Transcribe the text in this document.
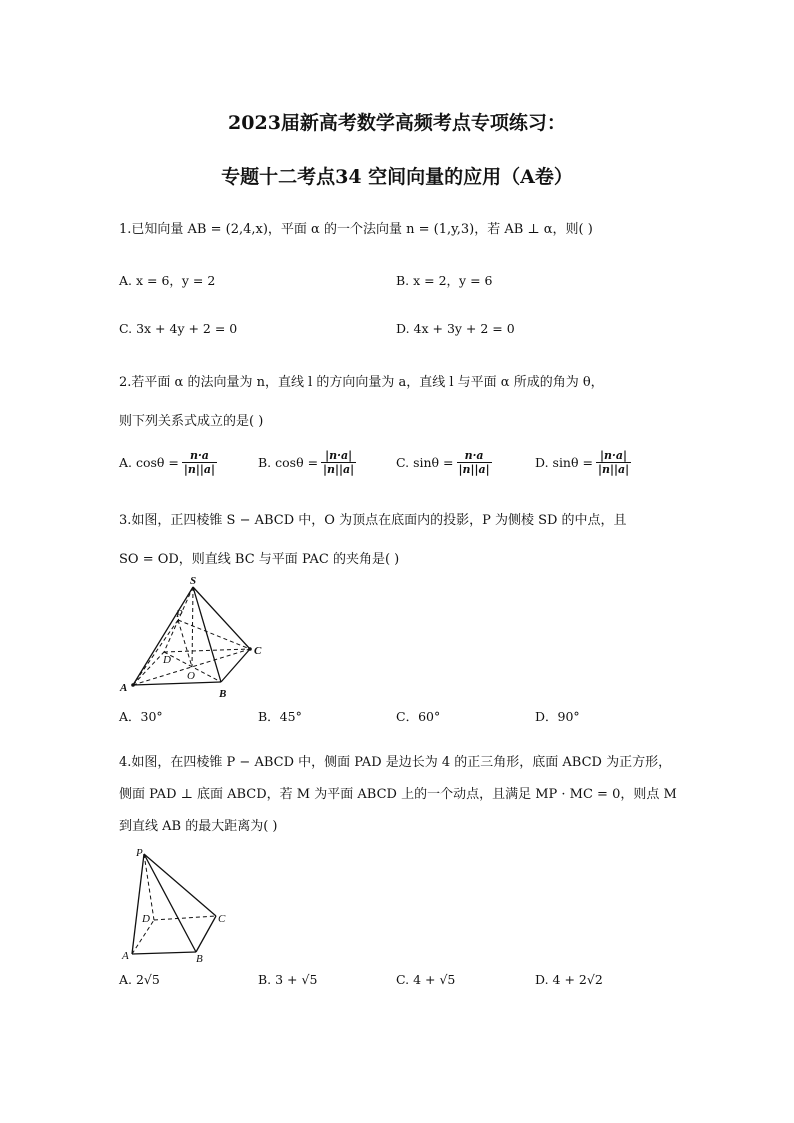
2023届新高考数学高频考点专项练习：
专题十二考点34 空间向量的应用（A卷）
1.已知向量 AB = (2,4,x)，平面 α 的一个法向量 n = (1,y,3)，若 AB ⊥ α，则( )
A. x = 6，y = 2	B. x = 2，y = 6
C. 3x + 4y + 2 = 0	D. 4x + 3y + 2 = 0
2.若平面 α 的法向量为 n，直线 l 的方向向量为 a，直线 l 与平面 α 所成的角为 θ，
则下列关系式成立的是( )
A. $\cos\theta = \frac{n\cdot a}{|n||a|}$	B. $\cos\theta = \frac{|n\cdot a|}{|n||a|}$	C. $\sin\theta = \frac{n\cdot a}{|n||a|}$	D. $\sin\theta = \frac{|n\cdot a|}{|n||a|}$
3.如图，正四棱锥 S − ABCD 中，O 为顶点在底面内的投影，P 为侧棱 SD 的中点，且
SO = OD，则直线 BC 与平面 PAC 的夹角是( )
S
P
D
O
C
A	B
A．30°	B．45°	C．60°	D．90°
4.如图，在四棱锥 P − ABCD 中，侧面 PAD 是边长为 4 的正三角形，底面 ABCD 为正方形，
侧面 PAD ⊥ 底面 ABCD，若 M 为平面 ABCD 上的一个动点，且满足 MP · MC = 0，则点 M
到直线 AB 的最大距离为( )
P
D	C
A	B
A. 2√5	B. 3 + √5	C. 4 + √5	D. 4 + 2√2
